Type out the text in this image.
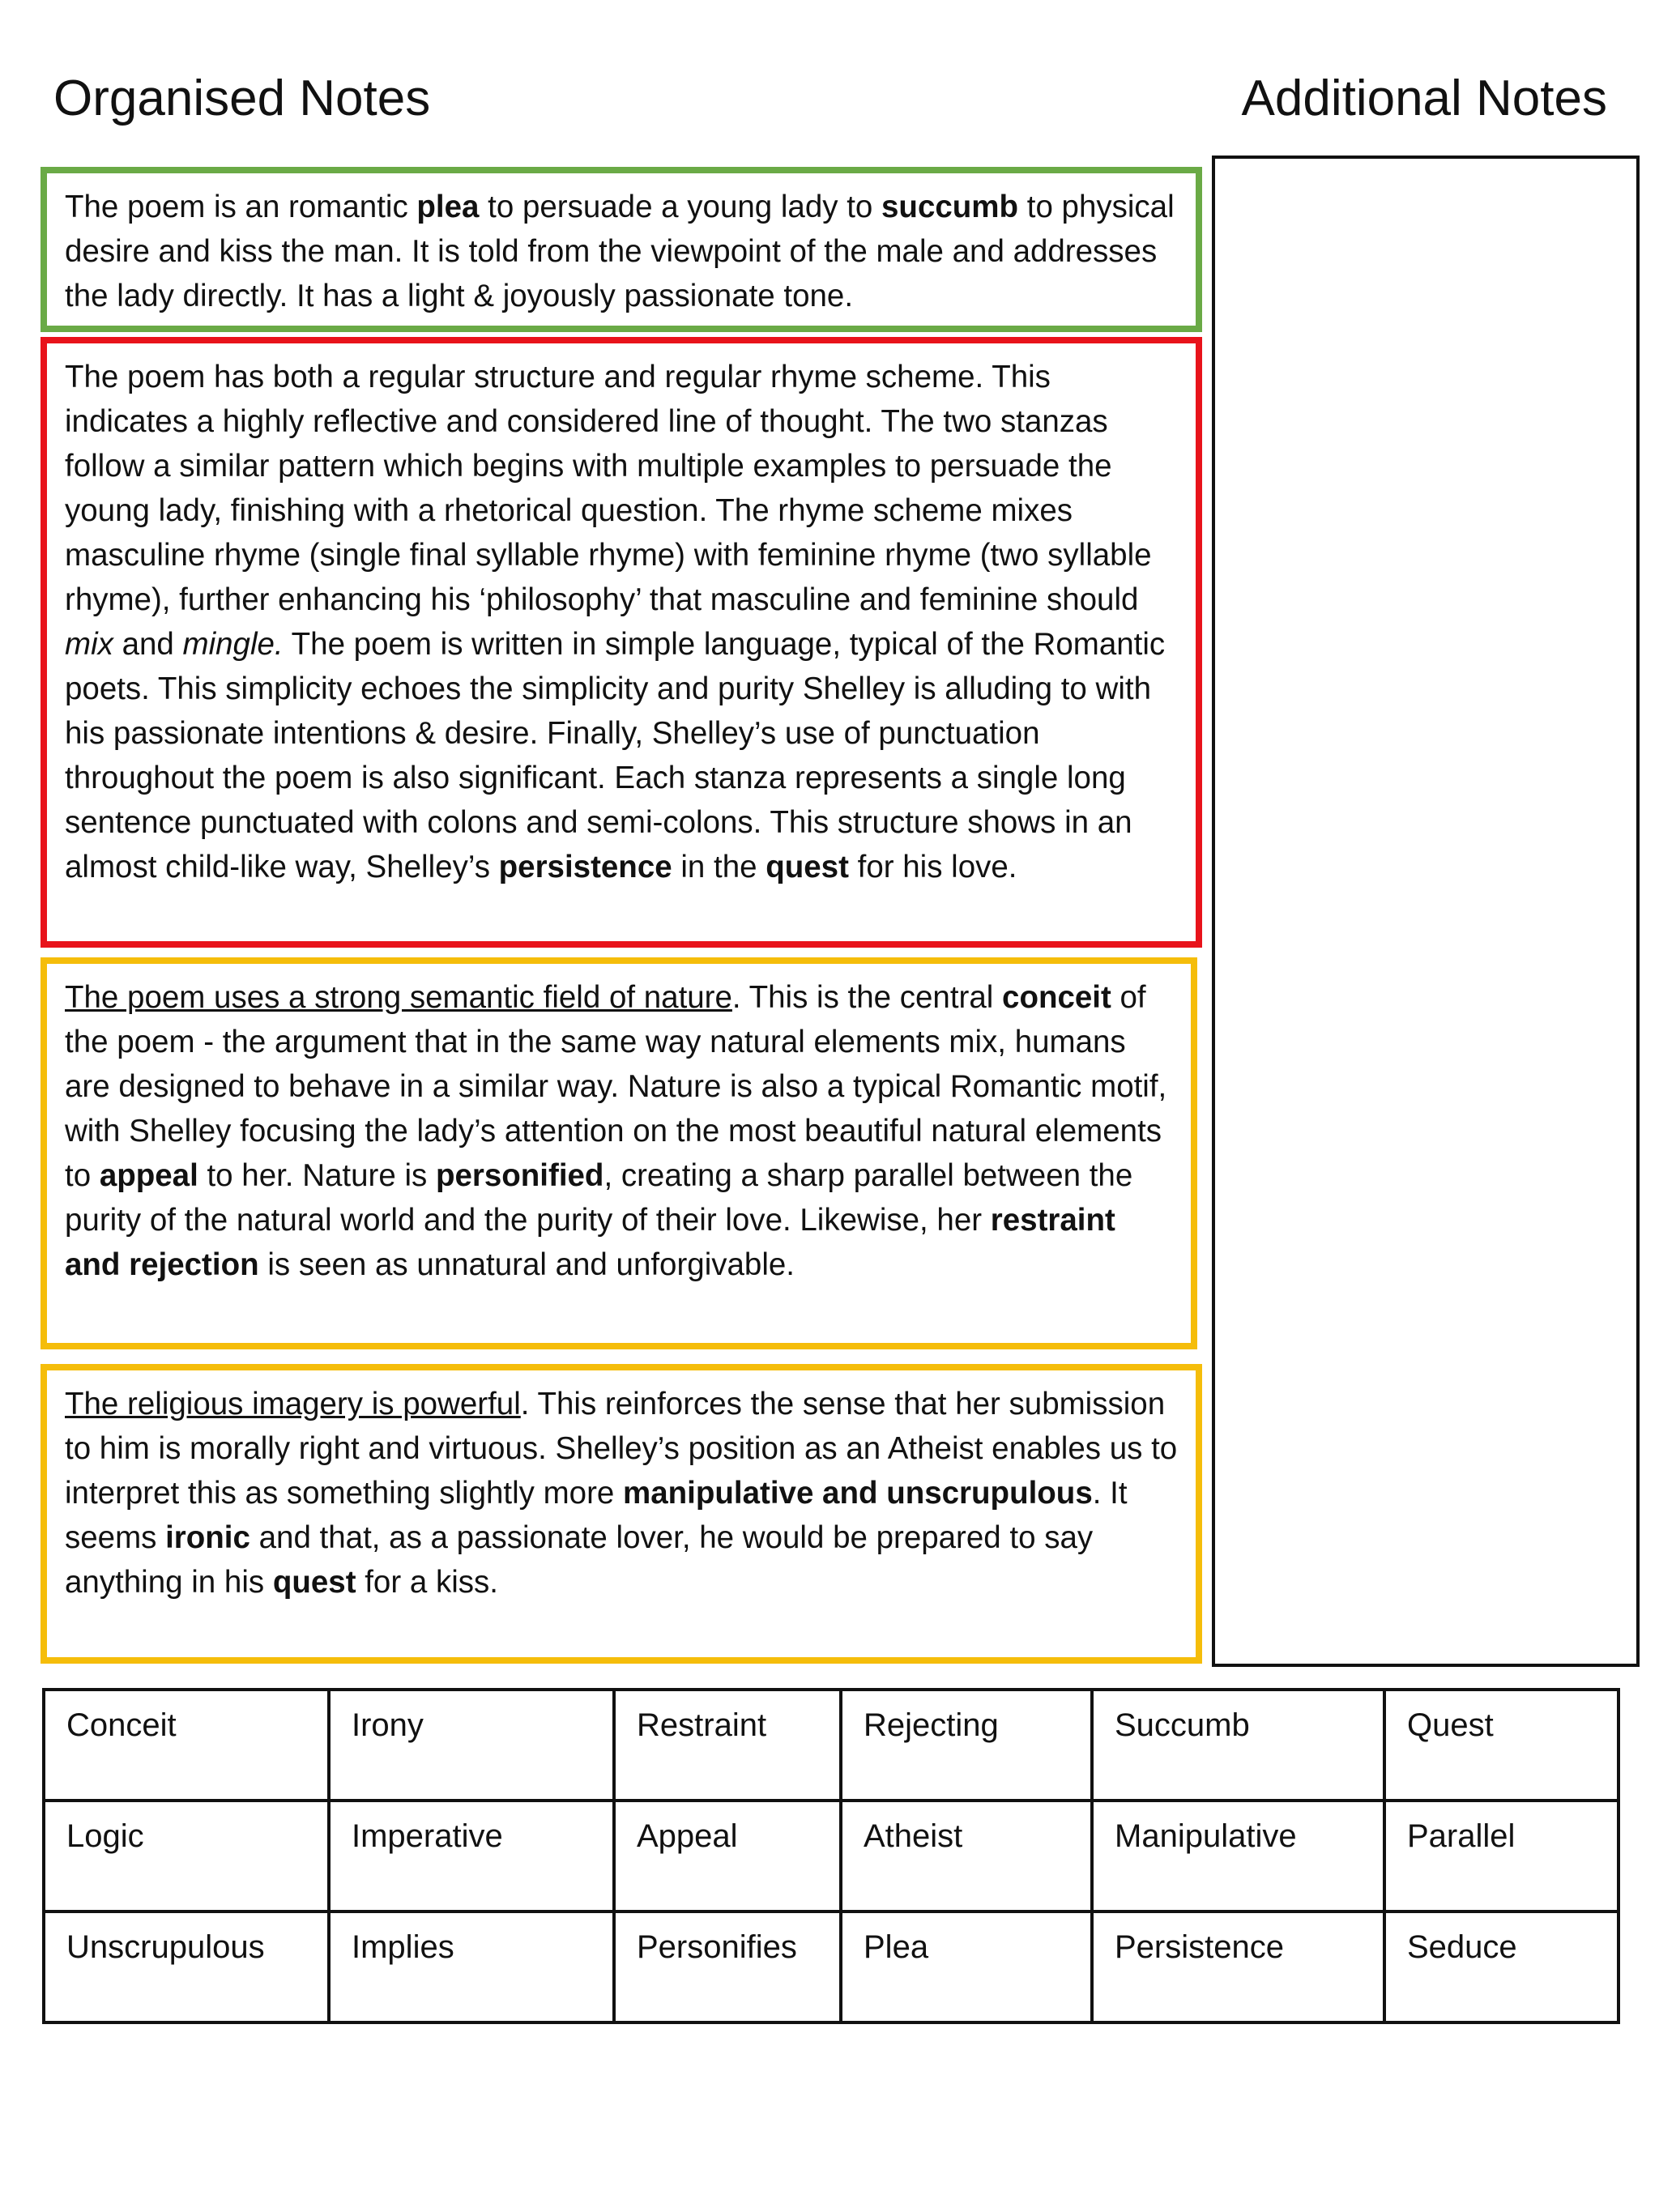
Organised Notes	Additional Notes

The poem is an romantic plea to persuade a young lady to succumb to physical desire and kiss the man. It is told from the viewpoint of the male and addresses the lady directly. It has a light & joyously passionate tone.

The poem has both a regular structure and regular rhyme scheme. This indicates a highly reflective and considered line of thought. The two stanzas follow a similar pattern which begins with multiple examples to persuade the young lady, finishing with a rhetorical question. The rhyme scheme mixes masculine rhyme (single final syllable rhyme) with feminine rhyme (two syllable rhyme), further enhancing his ‘philosophy’ that masculine and feminine should mix and mingle. The poem is written in simple language, typical of the Romantic poets. This simplicity echoes the simplicity and purity Shelley is alluding to with his passionate intentions & desire. Finally, Shelley’s use of punctuation throughout the poem is also significant. Each stanza represents a single long sentence punctuated with colons and semi-colons. This structure shows in an almost child-like way, Shelley’s persistence in the quest for his love.

The poem uses a strong semantic field of nature. This is the central conceit of the poem - the argument that in the same way natural elements mix, humans are designed to behave in a similar way. Nature is also a typical Romantic motif, with Shelley focusing the lady’s attention on the most beautiful natural elements to appeal to her. Nature is personified, creating a sharp parallel between the purity of the natural world and the purity of their love. Likewise, her restraint and rejection is seen as unnatural and unforgivable.

The religious imagery is powerful. This reinforces the sense that her submission to him is morally right and virtuous. Shelley’s position as an Atheist enables us to interpret this as something slightly more manipulative and unscrupulous. It seems ironic and that, as a passionate lover, he would be prepared to say anything in his quest for a kiss.

Conceit	Irony	Restraint	Rejecting	Succumb	Quest
Logic	Imperative	Appeal	Atheist	Manipulative	Parallel
Unscrupulous	Implies	Personifies	Plea	Persistence	Seduce
